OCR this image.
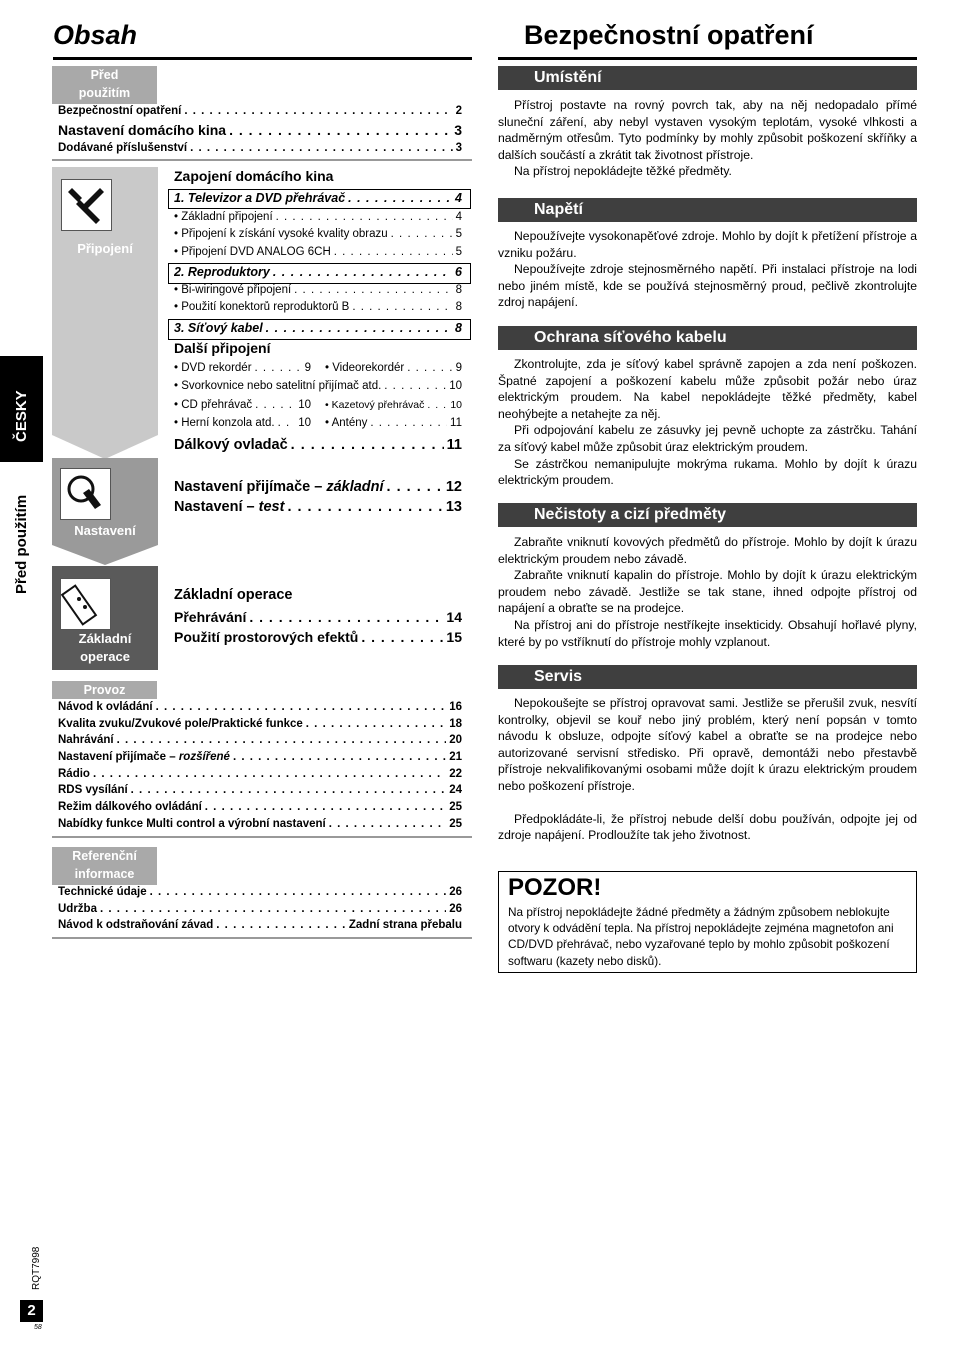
Obsah
Před
použitím
Bezpečnostní opatření . . .	2
Nastavení domácího kina . . .	3
Dodávané příslušenství . . .	3
Připojení
Nastavení
Základní
operace
Zapojení domácího kina
1. Televizor a DVD přehrávač . . .	4
• Základní připojení . . .	4
• Připojení k získání vysoké kvality obrazu . . .	5
• Připojení DVD ANALOG 6CH . . .	5
2. Reproduktory . . .	6
• Bi-wiringové připojení . . .	8
• Použití konektorů reproduktorů B . . .	8
3. Síťový kabel . . .	8
Další připojení
• DVD rekordér . . .	9 • Videorekordér . . .	9
• Svorkovnice nebo satelitní přijímač atd. . . .	10
• CD přehrávač . . .	10 • Kazetový přehrávač . . . 10
• Herní konzola atd. . . . 10 • Antény . . .	11
Dálkový ovladač . . .	11
Nastavení přijímače – základní . . .	12
Nastavení – test . . .	13
Základní operace
Přehrávání . . .	14
Použití prostorových efektů . . .	15
Provoz
Návod k ovládání . . .	16
Kvalita zvuku/Zvukové pole/Praktické funkce . . .	18
Nahrávání . . .	20
Nastavení přijímače – rozšířené . . .	21
Rádio . . .	22
RDS vysílání . . .	24
Režim dálkového ovládání . . .	25
Nabídky funkce Multi control a výrobní nastavení . . .	25
Referenční
informace
Technické údaje . . .	26
Údržba . . .	26
Návod k odstraňování závad . . .	Zadní strana přebalu
ČESKY
Před použitím
RQT7998
2
58
Bezpečnostní opatření
Umístění

Přístroj postavte na rovný povrch tak, aby na něj nedopadalo přímé sluneční záření, aby nebyl vystaven vysokým teplotám, vysoké vlhkosti a nadměrným otřesům. Tyto podmínky by mohly způsobit poškození skříňky a dalších součástí a zkrátit tak životnost přístroje.

Na přístroj nepokládejte těžké předměty.

Napětí

Nepoužívejte vysokonapěťové zdroje. Mohlo by dojít k přetížení přístroje a vzniku požáru.

Nepoužívejte zdroje stejnosměrného napětí. Při instalaci přístroje na lodi nebo jiném místě, kde se používá stejnosměrný proud, pečlivě zkontrolujte zdroj napájení.

Ochrana síťového kabelu

Zkontrolujte, zda je síťový kabel správně zapojen a zda není poškozen. Špatné zapojení a poškození kabelu může způsobit požár nebo úraz elektrickým proudem. Na kabel nepokládejte těžké předměty, kabel neohýbejte a netahejte za něj.

Při odpojování kabelu ze zásuvky jej pevně uchopte za zástrčku. Tahání za síťový kabel může způsobit úraz elektrickým proudem.

Se zástrčkou nemanipulujte mokrýma rukama. Mohlo by dojít k úrazu elektrickým proudem.

Nečistoty a cizí předměty

Zabraňte vniknutí kovových předmětů do přístroje. Mohlo by dojít k úrazu elektrickým proudem nebo závadě.

Zabraňte vniknutí kapalin do přístroje. Mohlo by dojít k úrazu elektrickým proudem nebo závadě. Jestliže se tak stane, ihned odpojte přístroj od napájení a obraťte se na prodejce.

Na přístroj ani do přístroje nestříkejte insekticidy. Obsahují hořlavé plyny, které by po vstříknutí do přístroje mohly vzplanout.

Servis

Nepokoušejte se přístroj opravovat sami. Jestliže se přerušil zvuk, nesvítí kontrolky, objevil se kouř nebo jiný problém, který není popsán v tomto návodu k obsluze, odpojte síťový kabel a obraťte se na prodejce nebo autorizované servisní středisko. Při opravě, demontáži nebo přestavbě přístroje nekvalifikovanými osobami může dojít k úrazu elektrickým proudem nebo poškození přístroje.

Předpokládáte-li, že přístroj nebude delší dobu používán, odpojte jej od zdroje napájení. Prodloužíte tak jeho životnost.

POZOR!
Na přístroj nepokládejte žádné předměty a žádným způsobem neblokujte otvory k odvádění tepla. Na přístroj nepokládejte zejména magnetofon ani CD/DVD přehrávač, nebo vyzařované teplo by mohlo způsobit poškození softwaru (kazety nebo disků).
